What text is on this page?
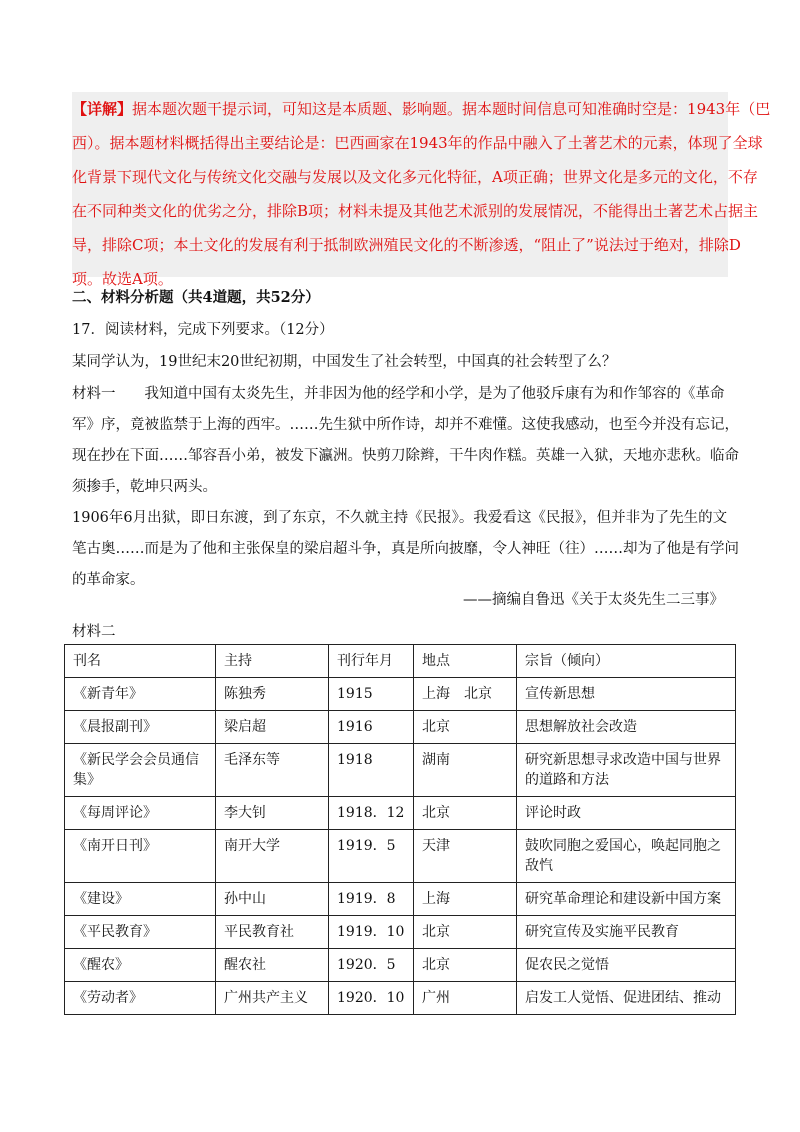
【详解】据本题次题干提示词，可知这是本质题、影响题。据本题时间信息可知准确时空是：1943年（巴
西）。据本题材料概括得出主要结论是：巴西画家在1943年的作品中融入了土著艺术的元素，体现了全球
化背景下现代文化与传统文化交融与发展以及文化多元化特征，A项正确；世界文化是多元的文化，不存
在不同种类文化的优劣之分，排除B项；材料未提及其他艺术派别的发展情况，不能得出土著艺术占据主
导，排除C项；本土文化的发展有利于抵制欧洲殖民文化的不断渗透，“阻止了”说法过于绝对，排除D
项。故选A项。
二、材料分析题（共4道题，共52分）
17．阅读材料，完成下列要求。（12分）
某同学认为，19世纪末20世纪初期，中国发生了社会转型，中国真的社会转型了么？
材料一　　我知道中国有太炎先生，并非因为他的经学和小学，是为了他驳斥康有为和作邹容的《革命
军》序，竟被监禁于上海的西牢。……先生狱中所作诗，却并不难懂。这使我感动，也至今并没有忘记，
现在抄在下面……邹容吾小弟，被发下瀛洲。快剪刀除辫，干牛肉作糕。英雄一入狱，天地亦悲秋。临命
须掺手，乾坤只两头。
1906年6月出狱，即日东渡，到了东京，不久就主持《民报》。我爱看这《民报》，但并非为了先生的文
笔古奥……而是为了他和主张保皇的梁启超斗争，真是所向披靡，令人神旺（往）……却为了他是有学问
的革命家。
——摘编自鲁迅《关于太炎先生二三事》
材料二
刊名	主持	刊行年月	地点	宗旨（倾向）
《新青年》	陈独秀	1915	上海　北京	宣传新思想
《晨报副刊》	梁启超	1916	北京	思想解放社会改造
《新民学会会员通信集》	毛泽东等	1918	湖南	研究新思想寻求改造中国与世界的道路和方法
《每周评论》	李大钊	1918．12	北京	评论时政
《南开日刊》	南开大学	1919．5	天津	鼓吹同胞之爱国心，唤起同胞之敌忾
《建设》	孙中山	1919．8	上海	研究革命理论和建设新中国方案
《平民教育》	平民教育社	1919．10	北京	研究宣传及实施平民教育
《醒农》	醒农社	1920．5	北京	促农民之觉悟
《劳动者》	广州共产主义	1920．10	广州	启发工人觉悟、促进团结、推动
